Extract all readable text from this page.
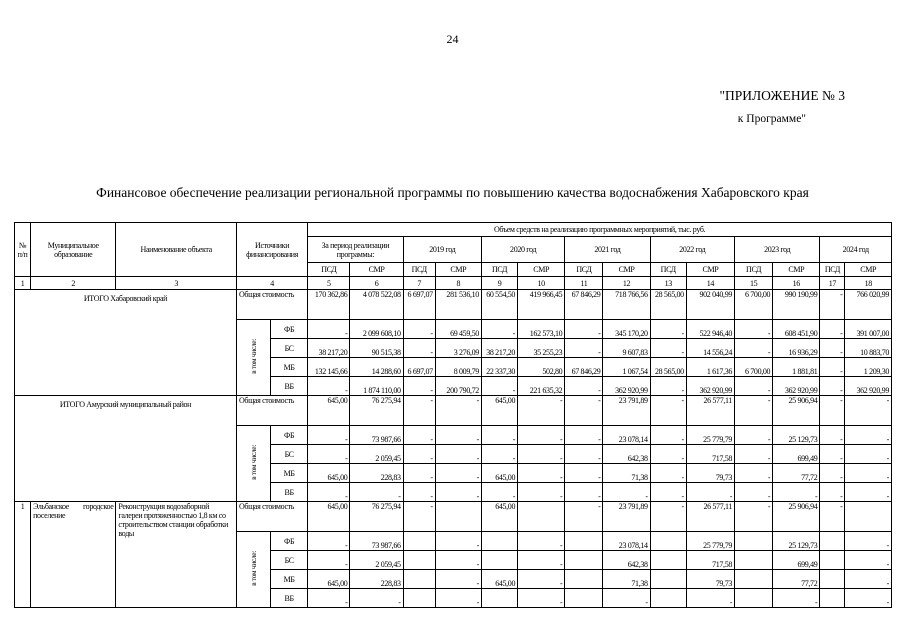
24
"ПРИЛОЖЕНИЕ № 3
к Программе"
Финансовое обеспечение реализации региональной программы по повышению качества водоснабжения Хабаровского края
№ п/п	Муниципальное образование	Наименование объекта	Источники финансирования		Объем средств на реализацию программных мероприятий, тыс. руб.													
					За период реализации программы:		2019 год		2020 год		2021 год		2022 год		2023 год		2024 год	
					ПСД	СМР	ПСД	СМР	ПСД	СМР	ПСД	СМР	ПСД	СМР	ПСД	СМР	ПСД	СМР
1	2	3	4		5	6	7	8	9	10	11	12	13	14	15	16	17	18
ИТОГО Хабаровский край			Общая стоимость		170 362,86	4 078 522,08	6 697,07	281 536,10	60 554,50	419 966,45	67 846,29	718 766,56	28 565,00	902 040,99	6 700,00	990 190,99	-	766 020,99
			в том числе:	ФБ	-	2 099 608,10	-	69 459,50	-	162 573,10	-	345 170,20	-	522 946,40	-	608 451,90	-	391 007,00
				БС	38 217,20	90 515,38	-	3 276,09	38 217,20	35 255,23	-	9 607,83	-	14 556,24	-	16 936,29	-	10 883,70
				МБ	132 145,66	14 288,60	6 697,07	8 009,79	22 337,30	502,80	67 846,29	1 067,54	28 565,00	1 617,36	6 700,00	1 881,81	-	1 209,30
				ВБ	-	1 874 110,00	-	200 790,72	-	221 635,32	-	362 920,99	-	362 920,99	-	362 920,99	-	362 920,99
ИТОГО Амурский муниципальный район			Общая стоимость		645,00	76 275,94	-	-	645,00	-	-	23 791,89	-	26 577,11	-	25 906,94	-	-
			в том числе:	ФБ	-	73 987,66	-	-	-	-	-	23 078,14	-	25 779,79	-	25 129,73	-	-
				БС	-	2 059,45	-	-	-	-	-	642,38	-	717,58	-	699,49	-	-
				МБ	645,00	228,83	-	-	645,00	-	-	71,38	-	79,73	-	77,72	-	-
				ВБ	-	-	-	-	-	-	-	-	-	-	-	-	-	-
1	Эльбанское городское поселение	Реконструкция водозаборной галереи протяженностью 1,8 км со строительством станции обработки воды	Общая стоимость		645,00	76 275,94	-		645,00		-	23 791,89	-	26 577,11	-	25 906,94	-	
			в том числе:	ФБ	-	73 987,66		-		-		23 078,14		25 779,79		25 129,73		-
				БС	-	2 059,45		-		-		642,38		717,58		699,49		-
				МБ	645,00	228,83		-	645,00	-		71,38		79,73		77,72		-
				ВБ	-	-		-		-		-		-		-		-
